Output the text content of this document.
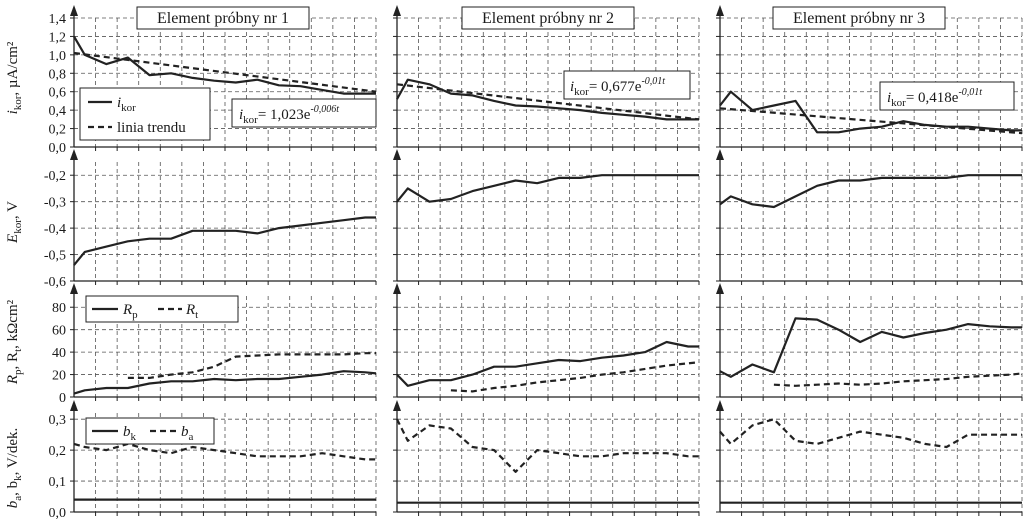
0,0
0,2
0,4
0,6
0,8
1,0
1,2
1,4
-0,6
-0,5
-0,4
-0,3
-0,2
0
20
40
60
80
0,0
0,1
0,2
0,3
$i_{kor}$, µA/cm²
$E_{kor}$, V
$R_p$, $R_t$, kΩcm²
$b_a$, $b_k$, V/dek.
Element próbny nr 1	Element próbny nr 2	Element próbny nr 3
$i_{kor}$
linia trendu
$R_p$	$R_t$
$b_k$	$b_a$
$i_{kor}= 1,023e^{-0,006t}$
$i_{kor}= 0,677e^{-0,01t}$
$i_{kor}= 0,418e^{-0,01t}$
